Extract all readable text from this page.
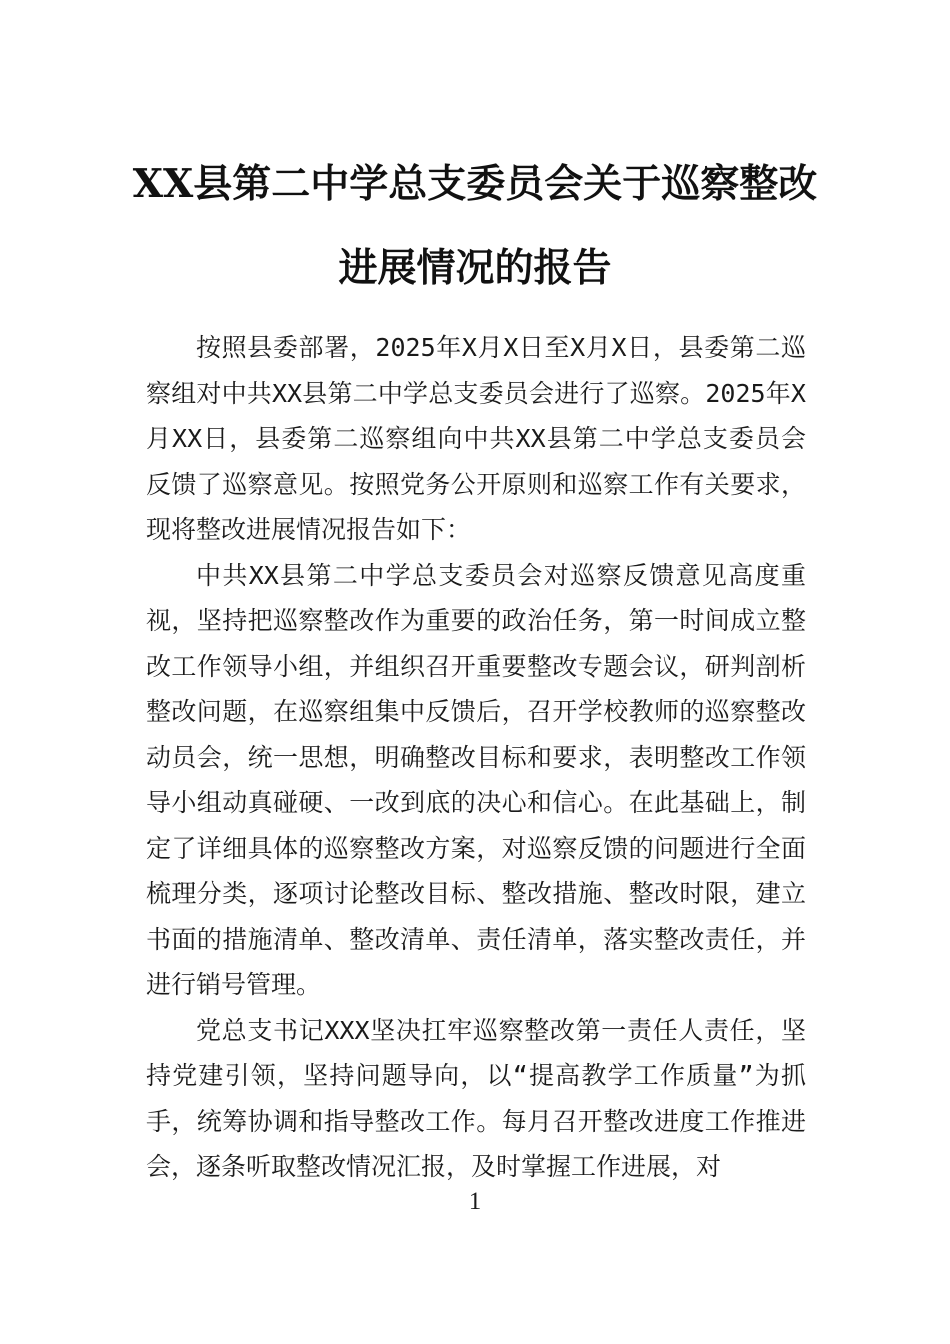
XX县第二中学总支委员会关于巡察整改进展情况的报告

按照县委部署，2025年X月X日至X月X日，县委第二巡察组对中共XX县第二中学总支委员会进行了巡察。2025年X月XX日，县委第二巡察组向中共XX县第二中学总支委员会反馈了巡察意见。按照党务公开原则和巡察工作有关要求，现将整改进展情况报告如下：

中共XX县第二中学总支委员会对巡察反馈意见高度重视，坚持把巡察整改作为重要的政治任务，第一时间成立整改工作领导小组，并组织召开重要整改专题会议，研判剖析整改问题，在巡察组集中反馈后，召开学校教师的巡察整改动员会，统一思想，明确整改目标和要求，表明整改工作领导小组动真碰硬、一改到底的决心和信心。在此基础上，制定了详细具体的巡察整改方案，对巡察反馈的问题进行全面梳理分类，逐项讨论整改目标、整改措施、整改时限，建立书面的措施清单、整改清单、责任清单，落实整改责任，并进行销号管理。

党总支书记XXX坚决扛牢巡察整改第一责任人责任，坚持党建引领，坚持问题导向，以“提高教学工作质量”为抓手，统筹协调和指导整改工作。每月召开整改进度工作推进会，逐条听取整改情况汇报，及时掌握工作进展，对

1
